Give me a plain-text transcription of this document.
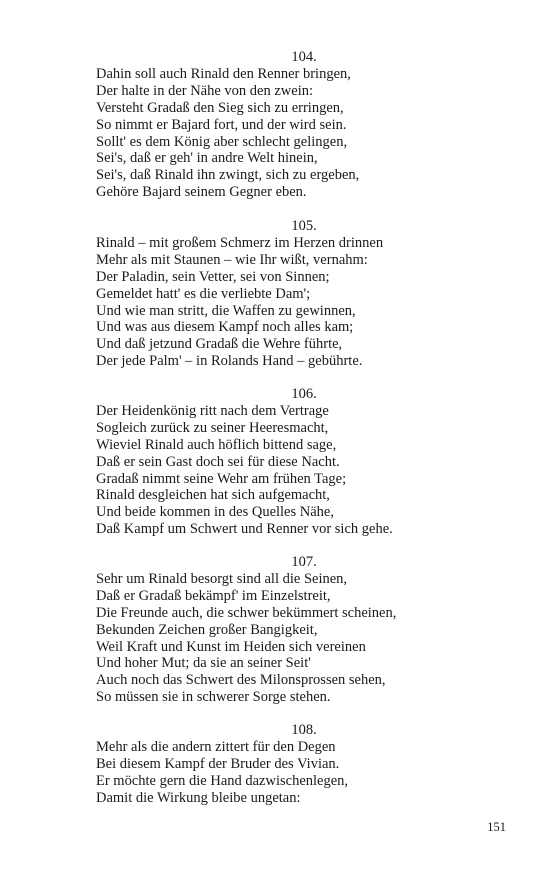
104.
Dahin soll auch Rinald den Renner bringen,
Der halte in der Nähe von den zwein:
Versteht Gradaß den Sieg sich zu erringen,
So nimmt er Bajard fort, und der wird sein.
Sollt' es dem König aber schlecht gelingen,
Sei's, daß er geh' in andre Welt hinein,
Sei's, daß Rinald ihn zwingt, sich zu ergeben,
Gehöre Bajard seinem Gegner eben.
105.
Rinald – mit großem Schmerz im Herzen drinnen
Mehr als mit Staunen – wie Ihr wißt, vernahm:
Der Paladin, sein Vetter, sei von Sinnen;
Gemeldet hatt' es die verliebte Dam';
Und wie man stritt, die Waffen zu gewinnen,
Und was aus diesem Kampf noch alles kam;
Und daß jetzund Gradaß die Wehre führte,
Der jede Palm' – in Rolands Hand – gebührte.
106.
Der Heidenkönig ritt nach dem Vertrage
Sogleich zurück zu seiner Heeresmacht,
Wieviel Rinald auch höflich bittend sage,
Daß er sein Gast doch sei für diese Nacht.
Gradaß nimmt seine Wehr am frühen Tage;
Rinald desgleichen hat sich aufgemacht,
Und beide kommen in des Quelles Nähe,
Daß Kampf um Schwert und Renner vor sich gehe.
107.
Sehr um Rinald besorgt sind all die Seinen,
Daß er Gradaß bekämpf' im Einzelstreit,
Die Freunde auch, die schwer bekümmert scheinen,
Bekunden Zeichen großer Bangigkeit,
Weil Kraft und Kunst im Heiden sich vereinen
Und hoher Mut; da sie an seiner Seit'
Auch noch das Schwert des Milonsprossen sehen,
So müssen sie in schwerer Sorge stehen.
108.
Mehr als die andern zittert für den Degen
Bei diesem Kampf der Bruder des Vivian.
Er möchte gern die Hand dazwischenlegen,
Damit die Wirkung bleibe ungetan:
151
